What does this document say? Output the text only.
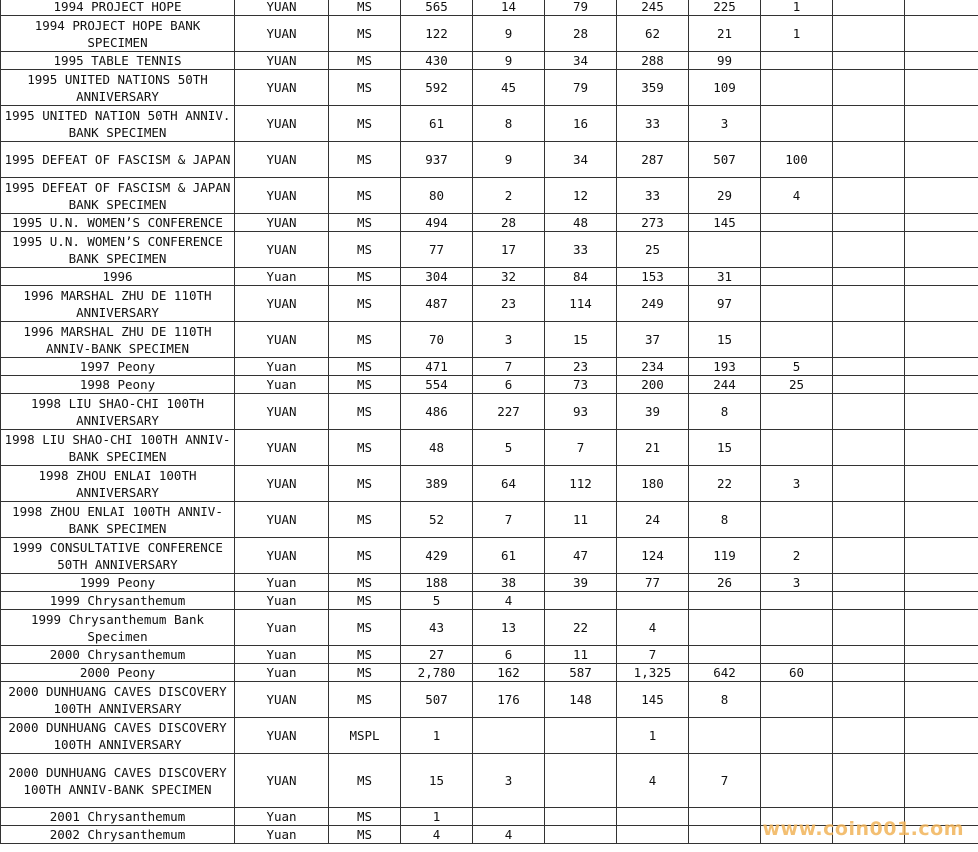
1994 PROJECT HOPE	YUAN	MS	565	14	79	245	225	1		
1994 PROJECT HOPE BANK SPECIMEN	YUAN	MS	122	9	28	62	21	1		
1995 TABLE TENNIS	YUAN	MS	430	9	34	288	99			
1995 UNITED NATIONS 50TH ANNIVERSARY	YUAN	MS	592	45	79	359	109			
1995 UNITED NATION 50TH ANNIV. BANK SPECIMEN	YUAN	MS	61	8	16	33	3			
1995 DEFEAT OF FASCISM & JAPAN	YUAN	MS	937	9	34	287	507	100		
1995 DEFEAT OF FASCISM & JAPAN BANK SPECIMEN	YUAN	MS	80	2	12	33	29	4		
1995 U.N. WOMEN’S CONFERENCE	YUAN	MS	494	28	48	273	145			
1995 U.N. WOMEN’S CONFERENCE BANK SPECIMEN	YUAN	MS	77	17	33	25				
1996	Yuan	MS	304	32	84	153	31			
1996 MARSHAL ZHU DE 110TH ANNIVERSARY	YUAN	MS	487	23	114	249	97			
1996 MARSHAL ZHU DE 110TH ANNIV-BANK SPECIMEN	YUAN	MS	70	3	15	37	15			
1997 Peony	Yuan	MS	471	7	23	234	193	5		
1998 Peony	Yuan	MS	554	6	73	200	244	25		
1998 LIU SHAO-CHI 100TH ANNIVERSARY	YUAN	MS	486	227	93	39	8			
1998 LIU SHAO-CHI 100TH ANNIV-BANK SPECIMEN	YUAN	MS	48	5	7	21	15			
1998 ZHOU ENLAI 100TH ANNIVERSARY	YUAN	MS	389	64	112	180	22	3		
1998 ZHOU ENLAI 100TH ANNIV-BANK SPECIMEN	YUAN	MS	52	7	11	24	8			
1999 CONSULTATIVE CONFERENCE 50TH ANNIVERSARY	YUAN	MS	429	61	47	124	119	2		
1999 Peony	Yuan	MS	188	38	39	77	26	3		
1999 Chrysanthemum	Yuan	MS	5	4						
1999 Chrysanthemum Bank Specimen	Yuan	MS	43	13	22	4				
2000 Chrysanthemum	Yuan	MS	27	6	11	7				
2000 Peony	Yuan	MS	2,780	162	587	1,325	642	60		
2000 DUNHUANG CAVES DISCOVERY 100TH ANNIVERSARY	YUAN	MS	507	176	148	145	8			
2000 DUNHUANG CAVES DISCOVERY 100TH ANNIVERSARY	YUAN	MSPL	1			1				
2000 DUNHUANG CAVES DISCOVERY 100TH ANNIV-BANK SPECIMEN	YUAN	MS	15	3		4	7			
2001 Chrysanthemum	Yuan	MS	1							
2002 Chrysanthemum	Yuan	MS	4	4							www.coin001.com
